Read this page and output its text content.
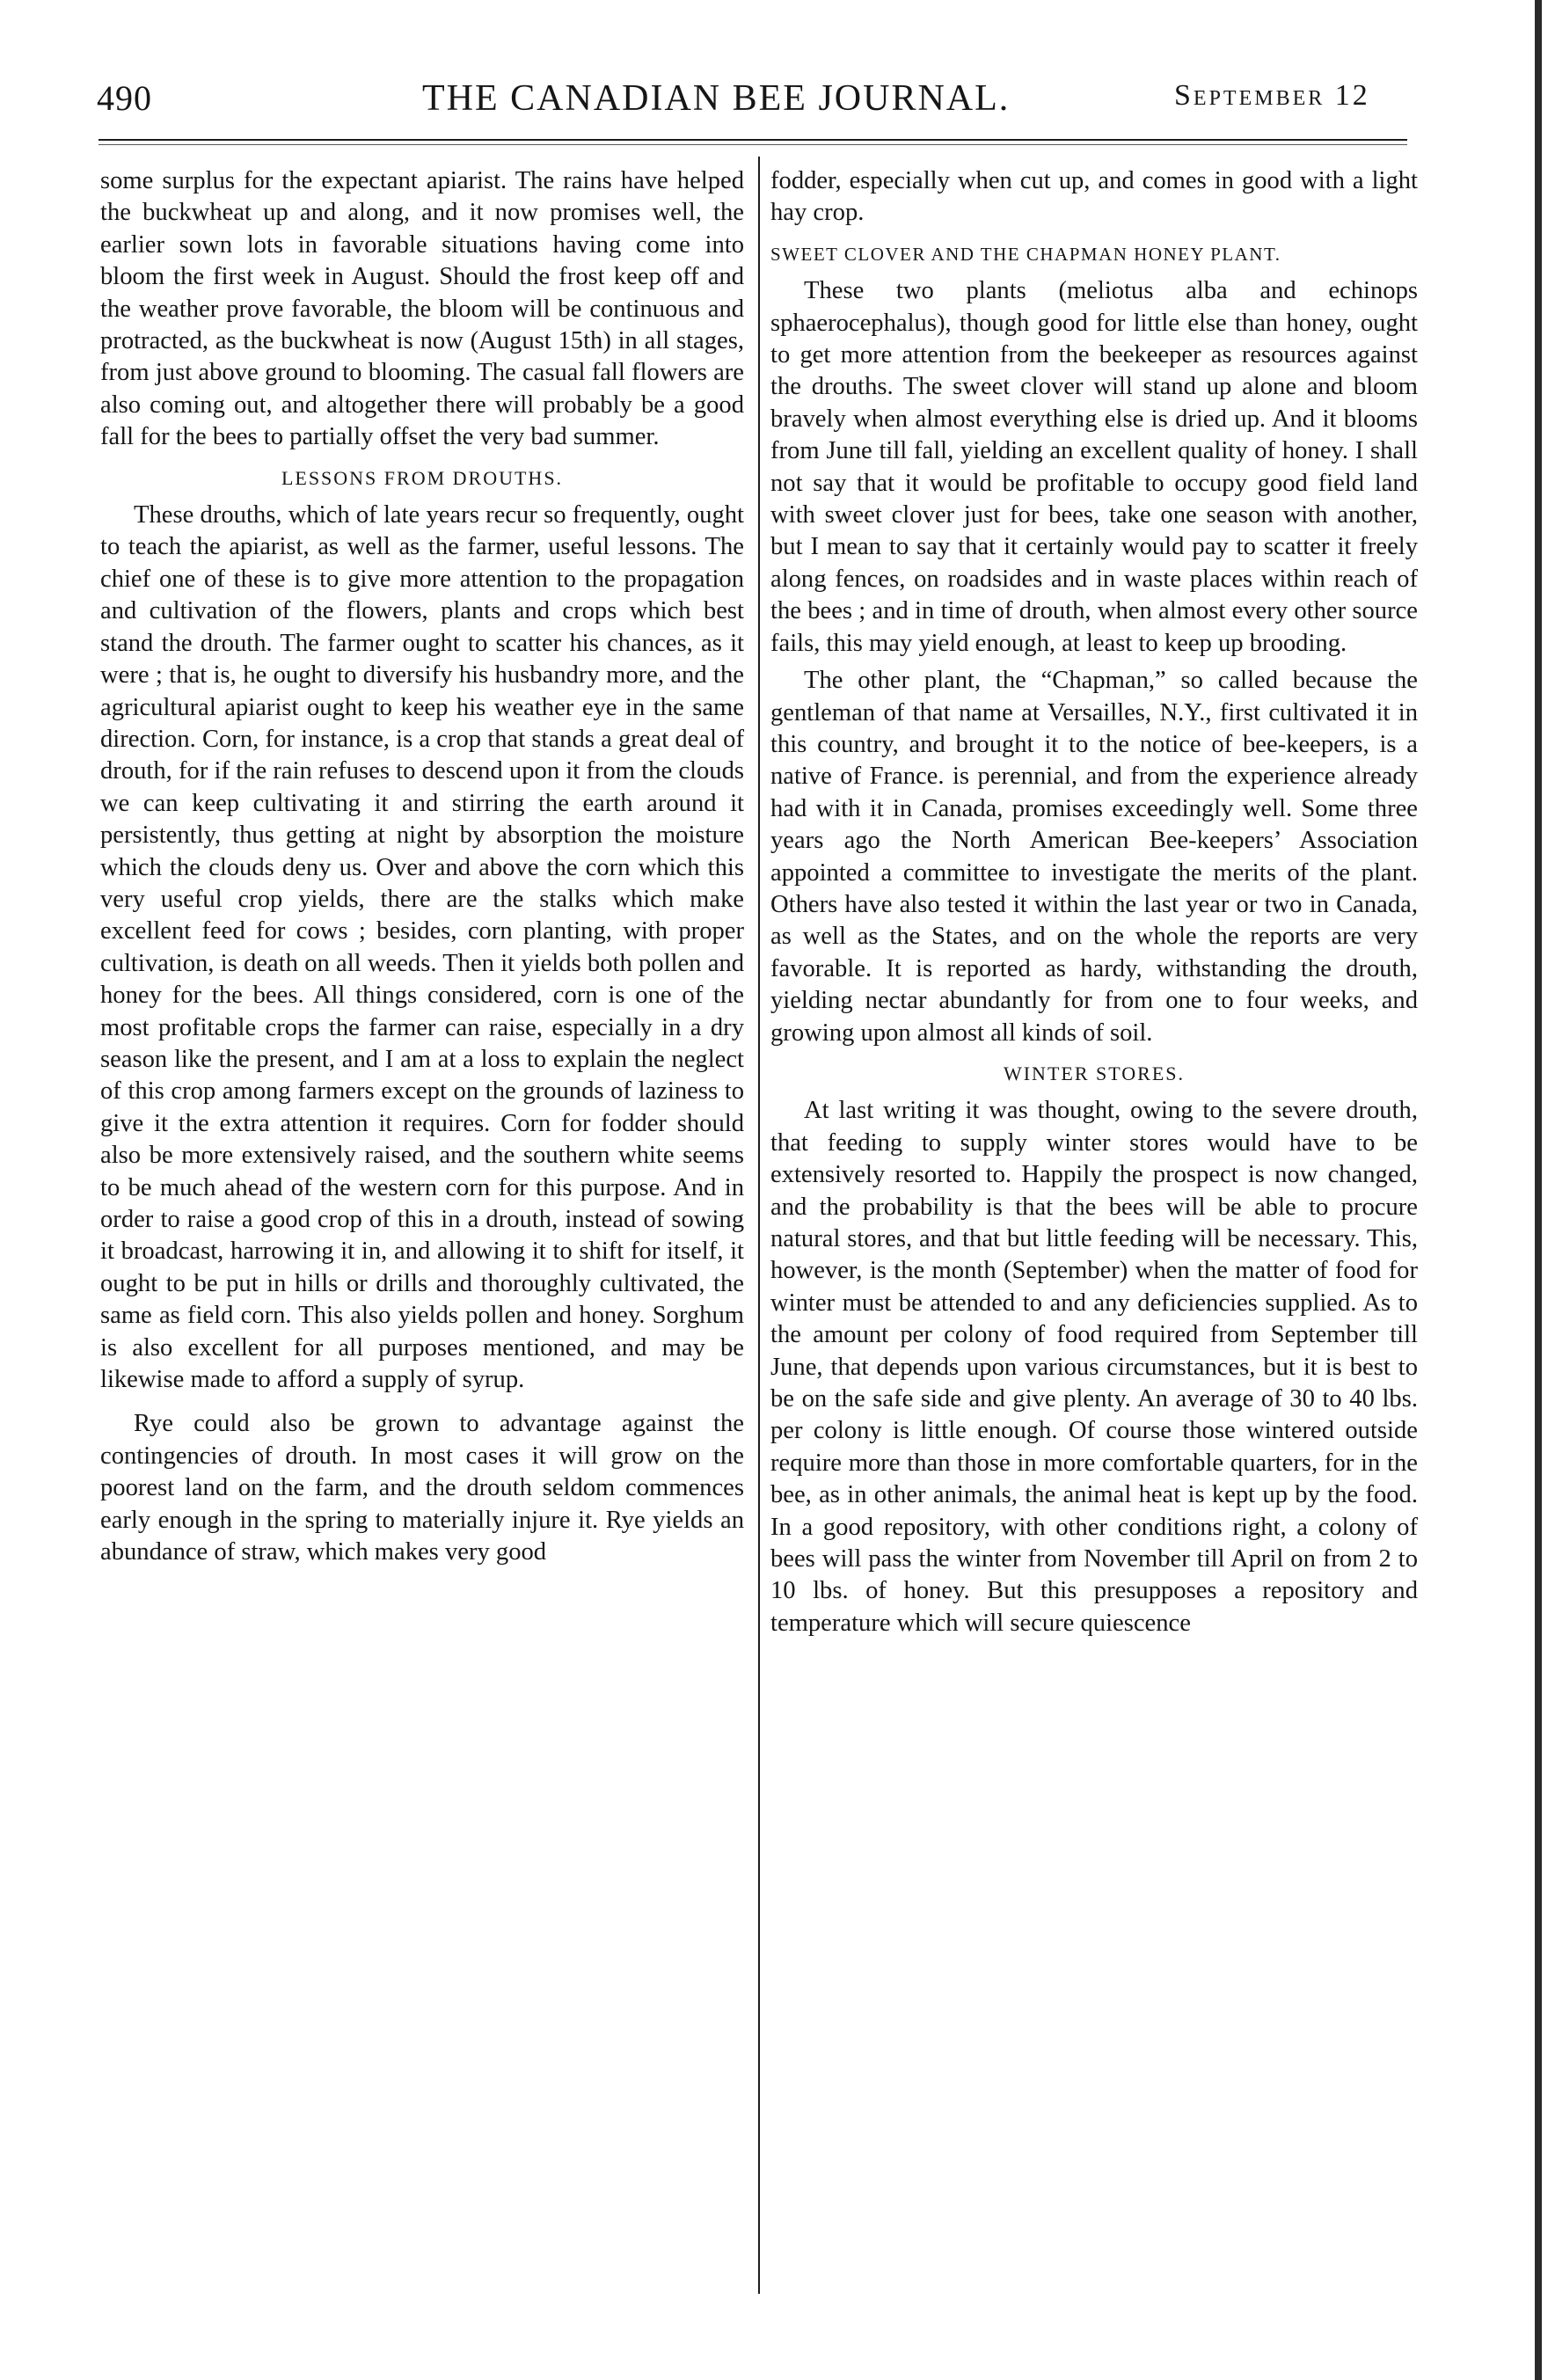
490	THE CANADIAN BEE JOURNAL.	September 12

some surplus for the expectant apiarist. The rains have helped the buckwheat up and along, and it now promises well, the earlier sown lots in favorable situations having come into bloom the first week in August. Should the frost keep off and the weather prove favorable, the bloom will be continuous and protracted, as the buckwheat is now (August 15th) in all stages, from just above ground to blooming. The casual fall flowers are also coming out, and altogether there will probably be a good fall for the bees to partially offset the very bad summer.

LESSONS FROM DROUTHS.

These drouths, which of late years recur so frequently, ought to teach the apiarist, as well as the farmer, useful lessons. The chief one of these is to give more attention to the propagation and cultivation of the flowers, plants and crops which best stand the drouth. The farmer ought to scatter his chances, as it were ; that is, he ought to diversify his husbandry more, and the agricultural apiarist ought to keep his weather eye in the same direction. Corn, for instance, is a crop that stands a great deal of drouth, for if the rain refuses to descend upon it from the clouds we can keep cultivating it and stirring the earth around it persistently, thus getting at night by absorption the moisture which the clouds deny us. Over and above the corn which this very useful crop yields, there are the stalks which make excellent feed for cows ; besides, corn planting, with proper cultivation, is death on all weeds. Then it yields both pollen and honey for the bees. All things considered, corn is one of the most profitable crops the farmer can raise, especially in a dry season like the present, and I am at a loss to explain the neglect of this crop among farmers except on the grounds of laziness to give it the extra attention it requires. Corn for fodder should also be more extensively raised, and the southern white seems to be much ahead of the western corn for this purpose. And in order to raise a good crop of this in a drouth, instead of sowing it broadcast, harrowing it in, and allowing it to shift for itself, it ought to be put in hills or drills and thoroughly cultivated, the same as field corn. This also yields pollen and honey. Sorghum is also excellent for all purposes mentioned, and may be likewise made to afford a supply of syrup.

Rye could also be grown to advantage against the contingencies of drouth. In most cases it will grow on the poorest land on the farm, and the drouth seldom commences early enough in the spring to materially injure it. Rye yields an abundance of straw, which makes very good

fodder, especially when cut up, and comes in good with a light hay crop.

SWEET CLOVER AND THE CHAPMAN HONEY PLANT.

These two plants (meliotus alba and echinops sphaerocephalus), though good for little else than honey, ought to get more attention from the beekeeper as resources against the drouths. The sweet clover will stand up alone and bloom bravely when almost everything else is dried up. And it blooms from June till fall, yielding an excellent quality of honey. I shall not say that it would be profitable to occupy good field land with sweet clover just for bees, take one season with another, but I mean to say that it certainly would pay to scatter it freely along fences, on roadsides and in waste places within reach of the bees ; and in time of drouth, when almost every other source fails, this may yield enough, at least to keep up brooding.

The other plant, the “Chapman,” so called because the gentleman of that name at Versailles, N.Y., first cultivated it in this country, and brought it to the notice of bee-keepers, is a native of France. is perennial, and from the experience already had with it in Canada, promises exceedingly well. Some three years ago the North American Bee-keepers’ Association appointed a committee to investigate the merits of the plant. Others have also tested it within the last year or two in Canada, as well as the States, and on the whole the reports are very favorable. It is reported as hardy, withstanding the drouth, yielding nectar abundantly for from one to four weeks, and growing upon almost all kinds of soil.

WINTER STORES.

At last writing it was thought, owing to the severe drouth, that feeding to supply winter stores would have to be extensively resorted to. Happily the prospect is now changed, and the probability is that the bees will be able to procure natural stores, and that but little feeding will be necessary. This, however, is the month (September) when the matter of food for winter must be attended to and any deficiencies supplied. As to the amount per colony of food required from September till June, that depends upon various circumstances, but it is best to be on the safe side and give plenty. An average of 30 to 40 lbs. per colony is little enough. Of course those wintered outside require more than those in more comfortable quarters, for in the bee, as in other animals, the animal heat is kept up by the food. In a good repository, with other conditions right, a colony of bees will pass the winter from November till April on from 2 to 10 lbs. of honey. But this presupposes a repository and temperature which will secure quiescence
